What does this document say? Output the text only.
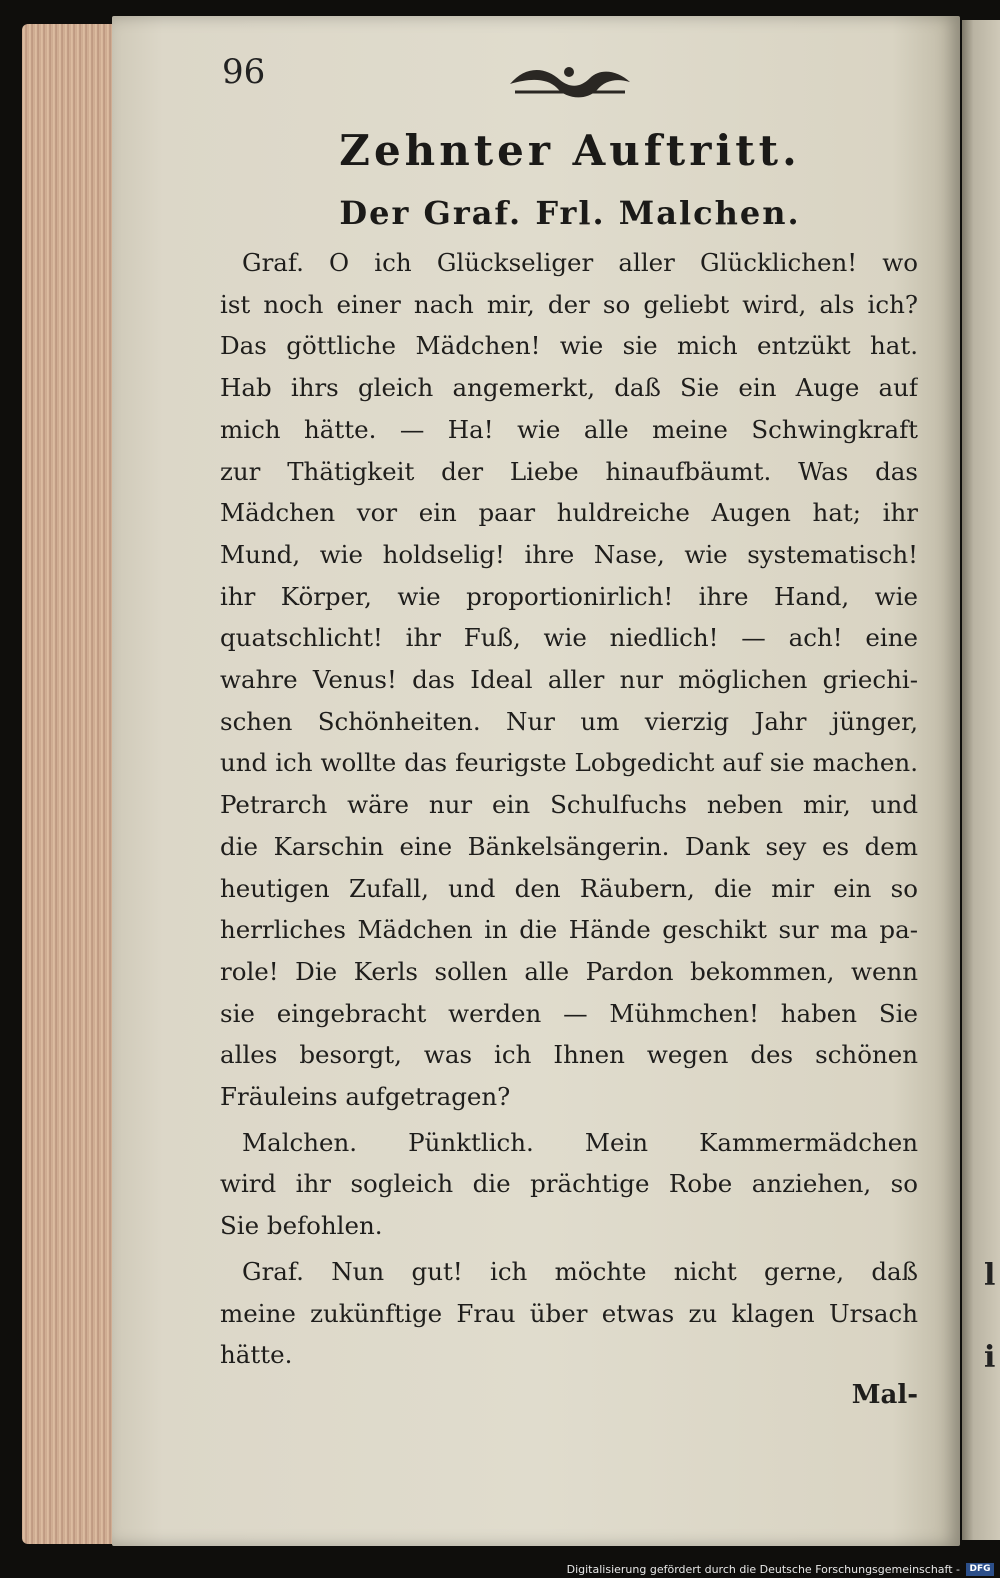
l
i
96
Zehnter Auftritt.
Der Graf. Frl. Malchen.
Graf. O ich Glückseliger aller Glücklichen! wo
ist noch einer nach mir, der so geliebt wird, als ich?
Das göttliche Mädchen! wie sie mich entzükt hat.
Hab ihrs gleich angemerkt, daß Sie ein Auge auf
mich hätte. — Ha! wie alle meine Schwingkraft
zur Thätigkeit der Liebe hinaufbäumt. Was das
Mädchen vor ein paar huldreiche Augen hat; ihr
Mund, wie holdselig! ihre Nase, wie systematisch!
ihr Körper, wie proportionirlich! ihre Hand, wie
quatschlicht! ihr Fuß, wie niedlich! — ach! eine
wahre Venus! das Ideal aller nur möglichen griechi-
schen Schönheiten. Nur um vierzig Jahr jünger,
und ich wollte das feurigste Lobgedicht auf sie machen.
Petrarch wäre nur ein Schulfuchs neben mir, und
die Karschin eine Bänkelsängerin. Dank sey es dem
heutigen Zufall, und den Räubern, die mir ein so
herrliches Mädchen in die Hände geschikt sur ma pa-
role! Die Kerls sollen alle Pardon bekommen, wenn
sie eingebracht werden — Mühmchen! haben Sie
alles besorgt, was ich Ihnen wegen des schönen
Fräuleins aufgetragen?
Malchen. Pünktlich. Mein Kammermädchen
wird ihr sogleich die prächtige Robe anziehen, so
Sie befohlen.
Graf. Nun gut! ich möchte nicht gerne, daß
meine zukünftige Frau über etwas zu klagen Ursach
hätte.
Mal-
Digitalisierung gefördert durch die Deutsche Forschungsgemeinschaft -	DFG
